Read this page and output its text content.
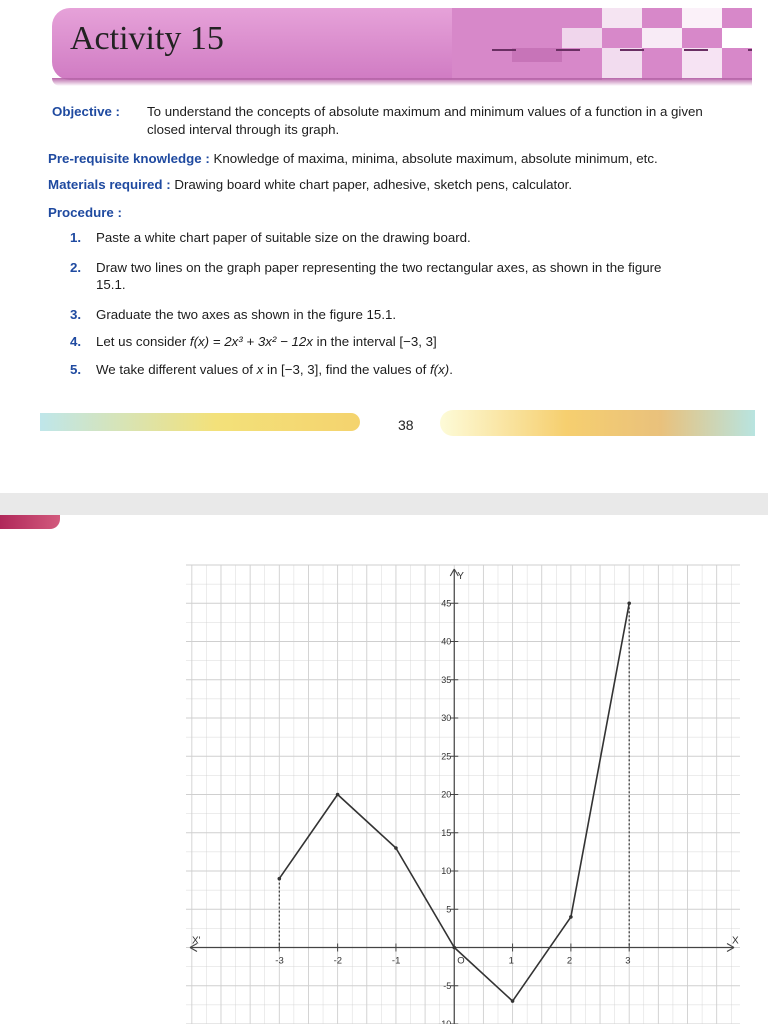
Activity 15
Objective : To understand the concepts of absolute maximum and minimum values of a function in a given
closed interval through its graph.
Pre-requisite knowledge : Knowledge of maxima, minima, absolute maximum, absolute minimum, etc.
Materials required : Drawing board white chart paper, adhesive, sketch pens, calculator.
Procedure :
1. Paste a white chart paper of suitable size on the drawing board.
2. Draw two lines on the graph paper representing the two rectangular axes, as shown in the figure
15.1.
3. Graduate the two axes as shown in the figure 15.1.
4. Let us consider f(x) = 2x³ + 3x² − 12x in the interval [−3, 3]
5. We take different values of x in [−3, 3], find the values of f(x).
38
-3	-2	-1	O	1	2	3
-10
-5
5
10
15
20
25
30
35
40
45
X
X'
Y
